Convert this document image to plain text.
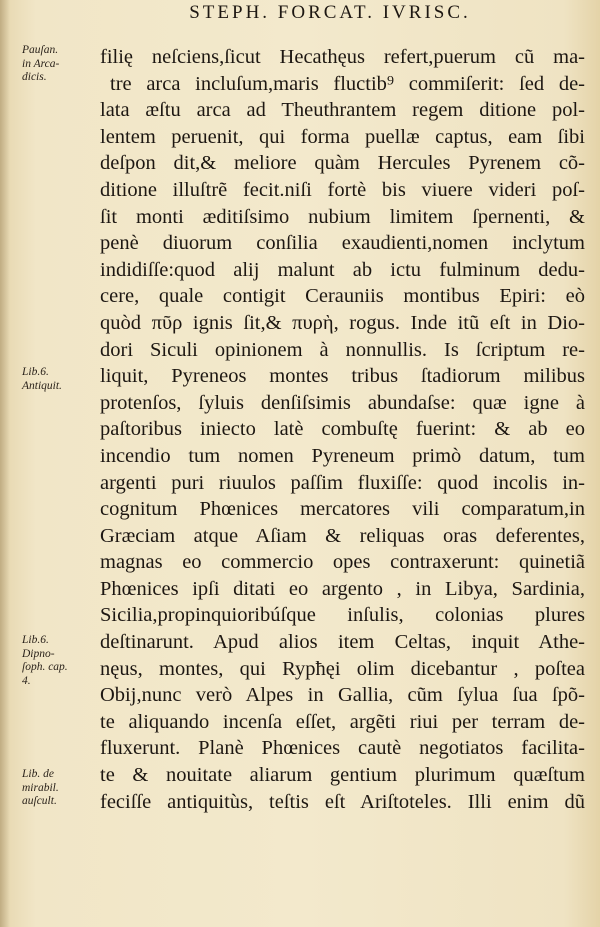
STEPH. FORCAT. IVRISC.
Pauſan.
in Arca-
dicis.
Lib.6.
Antiquit.
Lib.6.
Dipno-
ſoph. cap.
4.
Lib. de
mirabil.
auſcult.
filię neſciens,ſicut Hecathęus refert,puerum cũ ma-
tre arca incluſum,maris fluctib⁹ commiſerit: ſed de-
lata æſtu arca ad Theuthrantem regem ditione pol-
lentem peruenit, qui forma puellæ captus, eam ſibi
deſpon dit,& meliore quàm Hercules Pyrenem cõ-
ditione illuſtrẽ fecit.niſi fortè bis viuere videri poſ-
ſit monti æditiſsimo nubium limitem ſpernenti, &
penè diuorum conſilia exaudienti,nomen inclytum
indidiſſe:quod alij malunt ab ictu fulminum dedu-
cere, quale contigit Cerauniis montibus Epiri: eò
quòd πῦρ ignis ſit,& πυρὴ, rogus. Inde itũ eſt in Dio-
dori Siculi opinionem à nonnullis. Is ſcriptum re-
liquit, Pyreneos montes tribus ſtadiorum milibus
protenſos, ſyluis denſiſsimis abundaſse: quæ igne à
paſtoribus iniecto latè combuſtę fuerint: & ab eo
incendio tum nomen Pyreneum primò datum, tum
argenti puri riuulos paſſim fluxiſſe: quod incolis in-
cognitum Phœnices mercatores vili comparatum,in
Græciam atque Aſiam & reliquas oras deferentes,
magnas eo commercio opes contraxerunt: quinetiã
Phœnices ipſi ditati eo argento , in Libya, Sardinia,
Sicilia,propinquioribúſque inſulis, colonias plures
deſtinarunt. Apud alios item Celtas, inquit Athe-
nęus, montes, qui Rypħęi olim dicebantur , poſtea
Obij,nunc verò Alpes in Gallia, cũm ſylua ſua ſpõ-
te aliquando incenſa eſſet, argẽti riui per terram de-
fluxerunt. Planè Phœnices cautè negotiatos facilita-
te & nouitate aliarum gentium plurimum quæſtum
feciſſe antiquitùs, teſtis eſt Ariſtoteles. Illi enim dũ
